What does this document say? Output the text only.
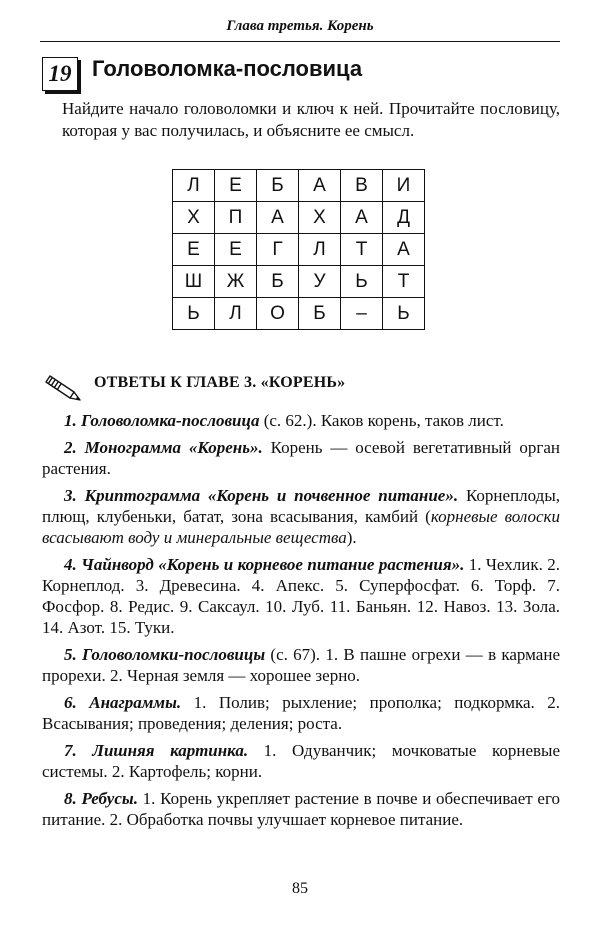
Глава третья. Корень
19 Головоломка-пословица
Найдите начало головоломки и ключ к ней. Прочитайте пословицу, которая у вас получилась, и объясните ее смысл.
Л	Е	Б	А	В	И
Х	П	А	Х	А	Д
Е	Е	Г	Л	Т	А
Ш	Ж	Б	У	Ь	Т
Ь	Л	О	Б	–	Ь
ОТВЕТЫ К ГЛАВЕ 3. «КОРЕНЬ»

1. Головоломка-пословица (с. 62.). Каков корень, таков лист.

2. Монограмма «Корень». Корень — осевой вегетативный орган растения.

3. Криптограмма «Корень и почвенное питание». Корнеплоды, плющ, клубеньки, батат, зона всасывания, камбий (корневые волоски всасывают воду и минеральные вещества).

4. Чайнворд «Корень и корневое питание растения». 1. Чехлик. 2. Корнеплод. 3. Древесина. 4. Апекс. 5. Суперфосфат. 6. Торф. 7. Фосфор. 8. Редис. 9. Саксаул. 10. Луб. 11. Баньян. 12. Навоз. 13. Зола. 14. Азот. 15. Туки.

5. Головоломки-пословицы (с. 67). 1. В пашне огрехи — в кармане прорехи. 2. Черная земля — хорошее зерно.

6. Анаграммы. 1. Полив; рыхление; прополка; подкормка. 2. Всасывания; проведения; деления; роста.

7. Лишняя картинка. 1. Одуванчик; мочковатые корневые системы. 2. Картофель; корни.

8. Ребусы. 1. Корень укрепляет растение в почве и обеспечивает его питание. 2. Обработка почвы улучшает корневое питание.

85
